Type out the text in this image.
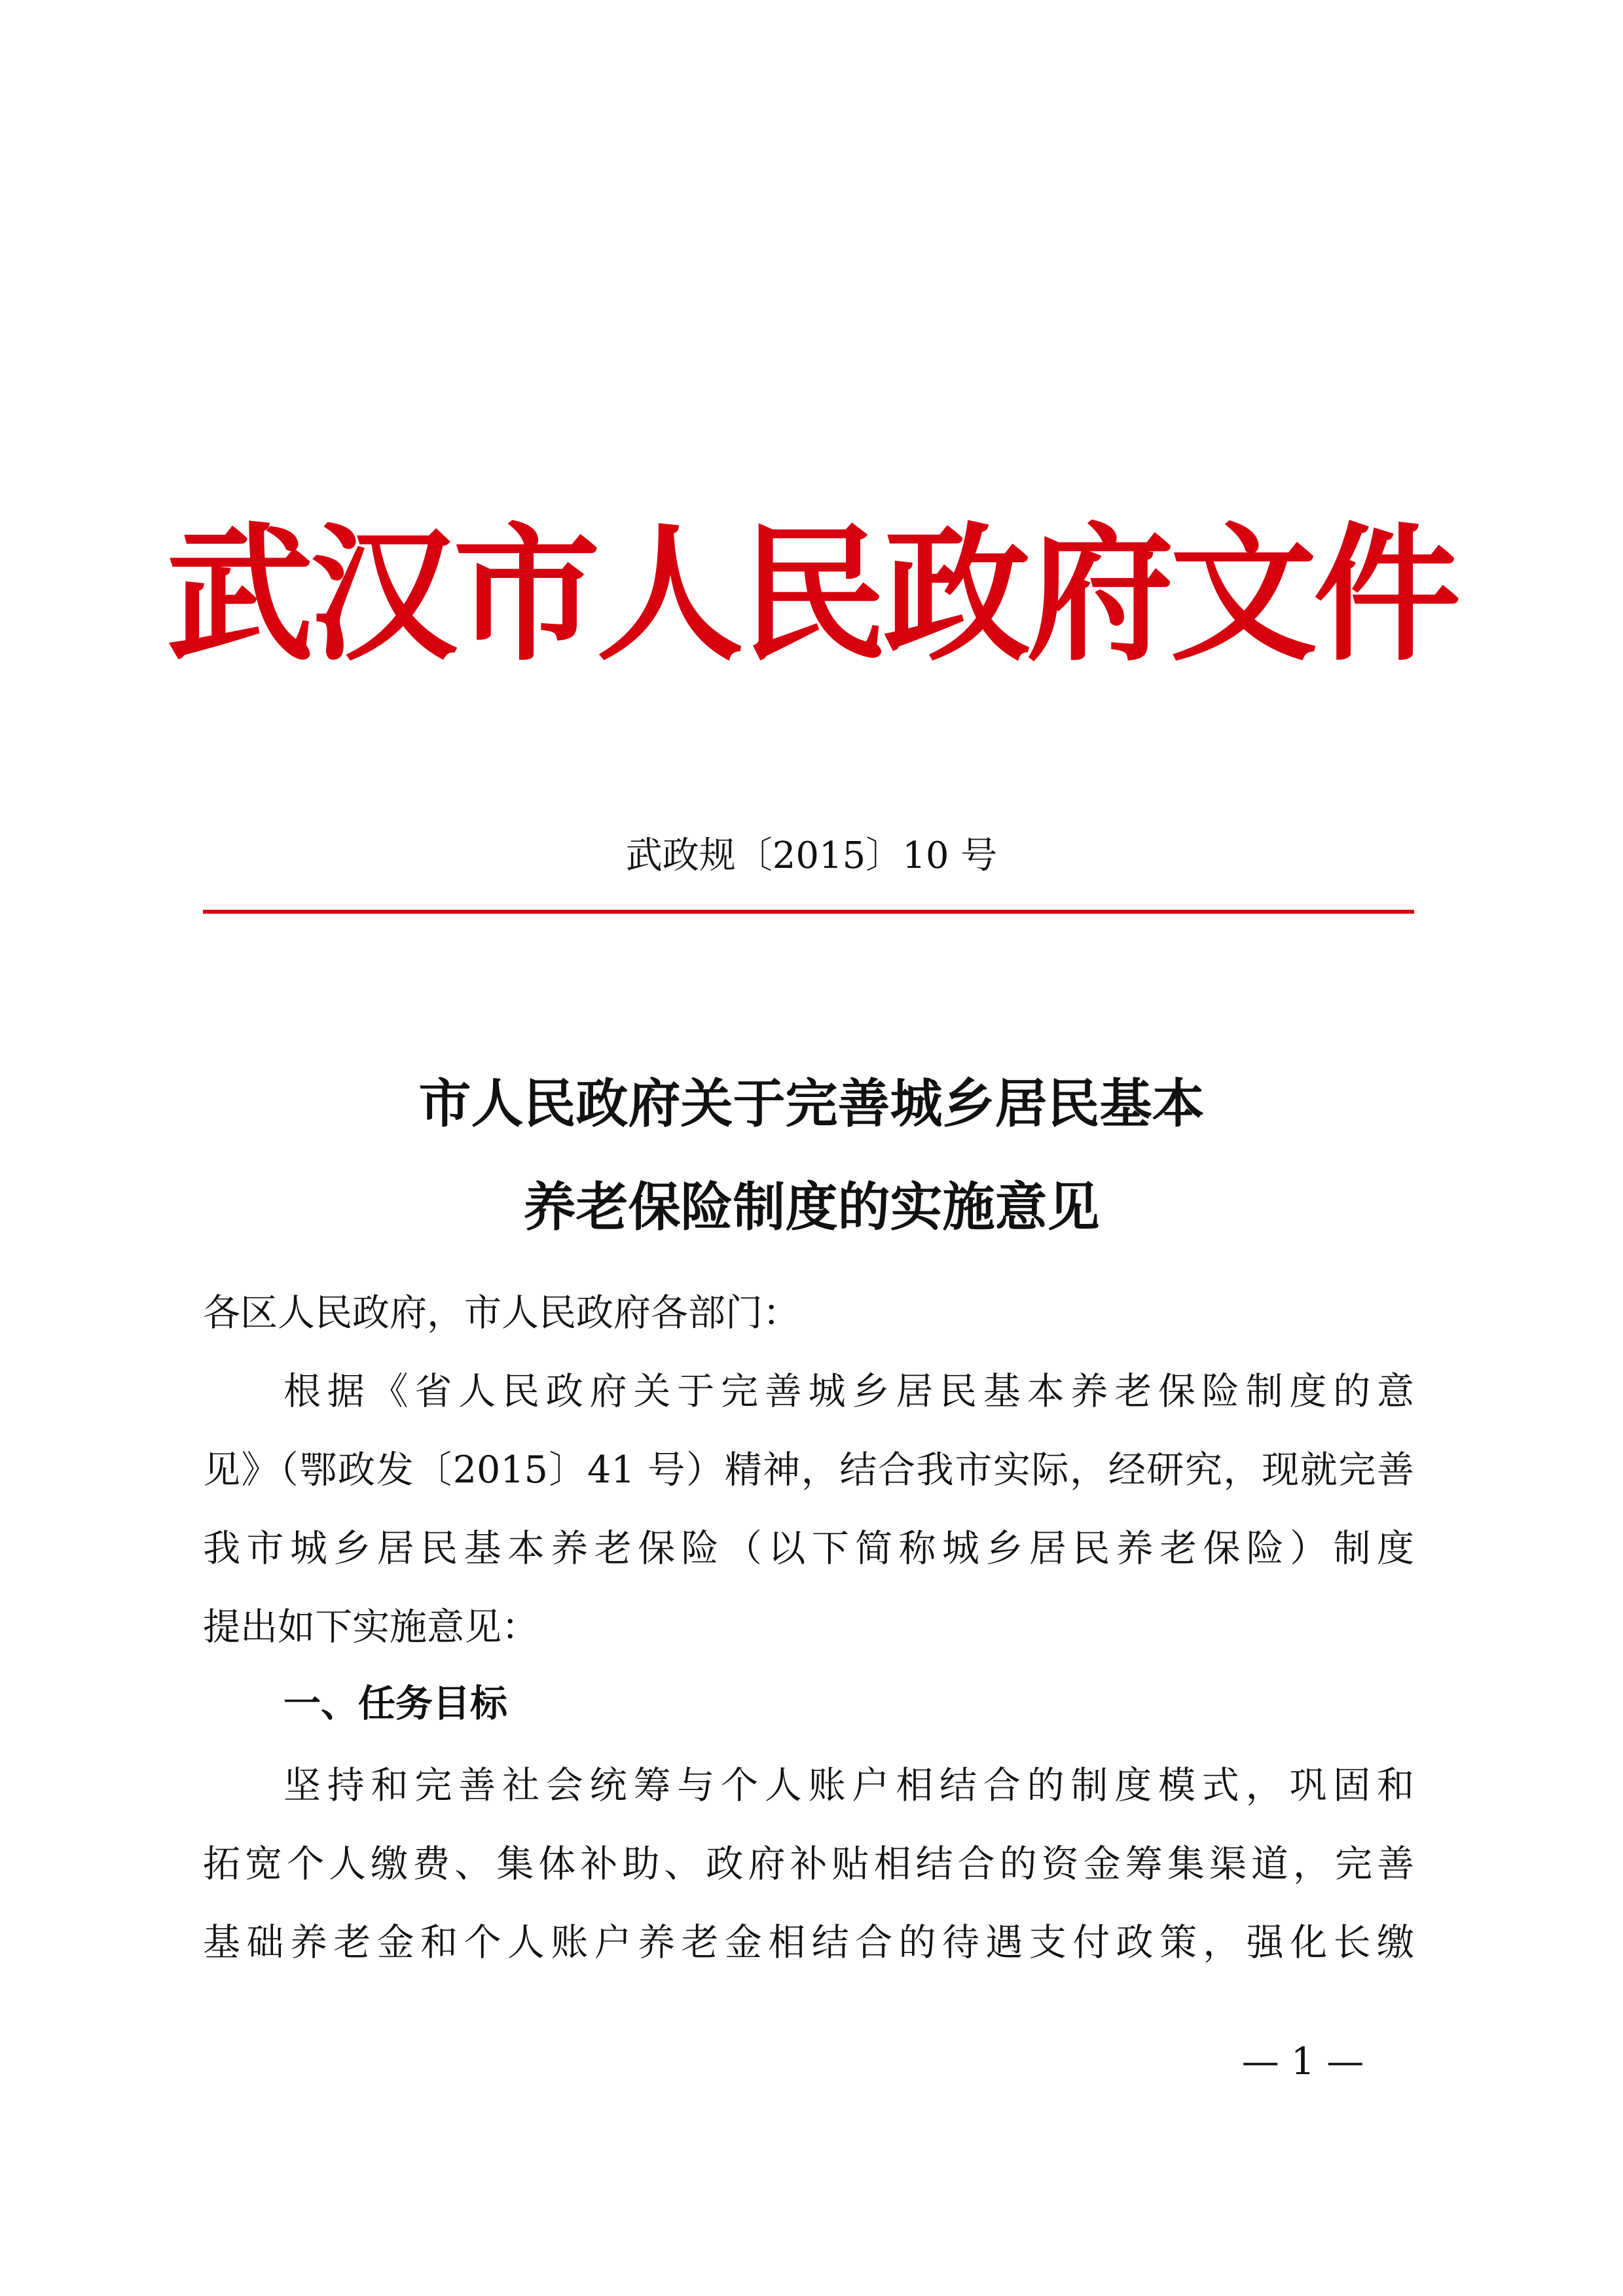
武汉市人民政府文件
武政规〔2015〕10 号
市人民政府关于完善城乡居民基本
养老保险制度的实施意见
各区人民政府，市人民政府各部门：
根据《省人民政府关于完善城乡居民基本养老保险制度的意
见》（鄂政发〔2015〕41 号）精神，结合我市实际，经研究，现就完善
我市城乡居民基本养老保险（以下简称城乡居民养老保险）制度
提出如下实施意见：
一、任务目标
坚持和完善社会统筹与个人账户相结合的制度模式，巩固和
拓宽个人缴费、集体补助、政府补贴相结合的资金筹集渠道，完善
基础养老金和个人账户养老金相结合的待遇支付政策，强化长缴
— 1 —
